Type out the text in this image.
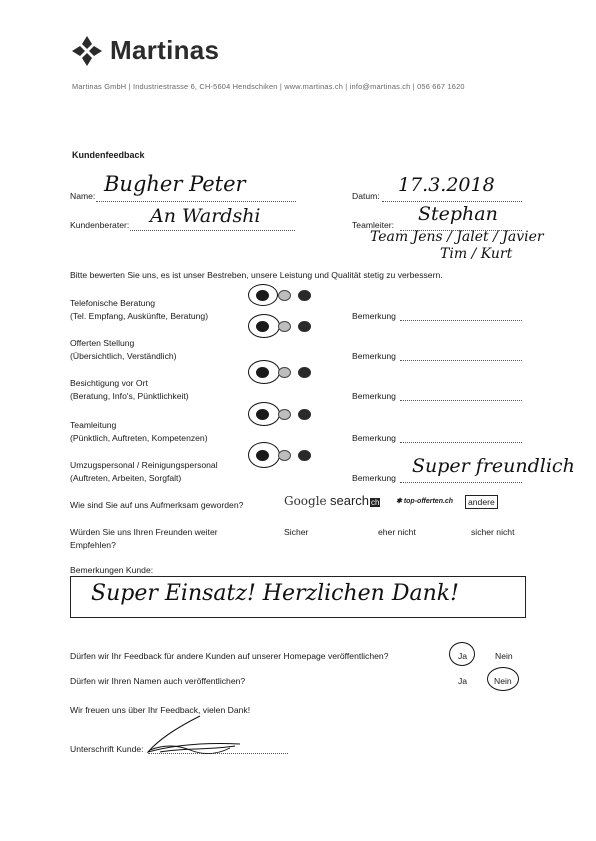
Martinas
Martinas GmbH | Industriestrasse 6, CH-5604 Hendschiken | www.martinas.ch | info@martinas.ch | 056 667 1620
Kundenfeedback
Name: Bugher Peter	Datum: 17.3.2018
Kundenberater: An Wardshi	Teamleiter: Stephan
Team Jens / Jalet / Javier
Tim / Kurt
Bitte bewerten Sie uns, es ist unser Bestreben, unsere Leistung und Qualität stetig zu verbessern.
Telefonische Beratung
(Tel. Empfang, Auskünfte, Beratung)	Bemerkung
Offerten Stellung
(Übersichtlich, Verständlich)	Bemerkung
Besichtigung vor Ort
(Beratung, Info's, Pünktlichkeit)	Bemerkung
Teamleitung
(Pünktlich, Auftreten, Kompetenzen)	Bemerkung
Umzugspersonal / Reinigungspersonal
(Auftreten, Arbeiten, Sorgfalt)	Bemerkung
Super freundlich
Wie sind Sie auf uns Aufmerksam geworden?	Google search ch ✱ top-offerten.ch	andere
Würden Sie uns Ihren Freunden weiter
Empfehlen?
Sicher	eher nicht	sicher nicht
Bemerkungen Kunde:
Super Einsatz! Herzlichen Dank!
Dürfen wir Ihr Feedback für andere Kunden auf unserer Homepage veröffentlichen?	Ja	Nein
Dürfen wir Ihren Namen auch veröffentlichen?	Ja	Nein
Wir freuen uns über Ihr Feedback, vielen Dank!
Unterschrift Kunde:
